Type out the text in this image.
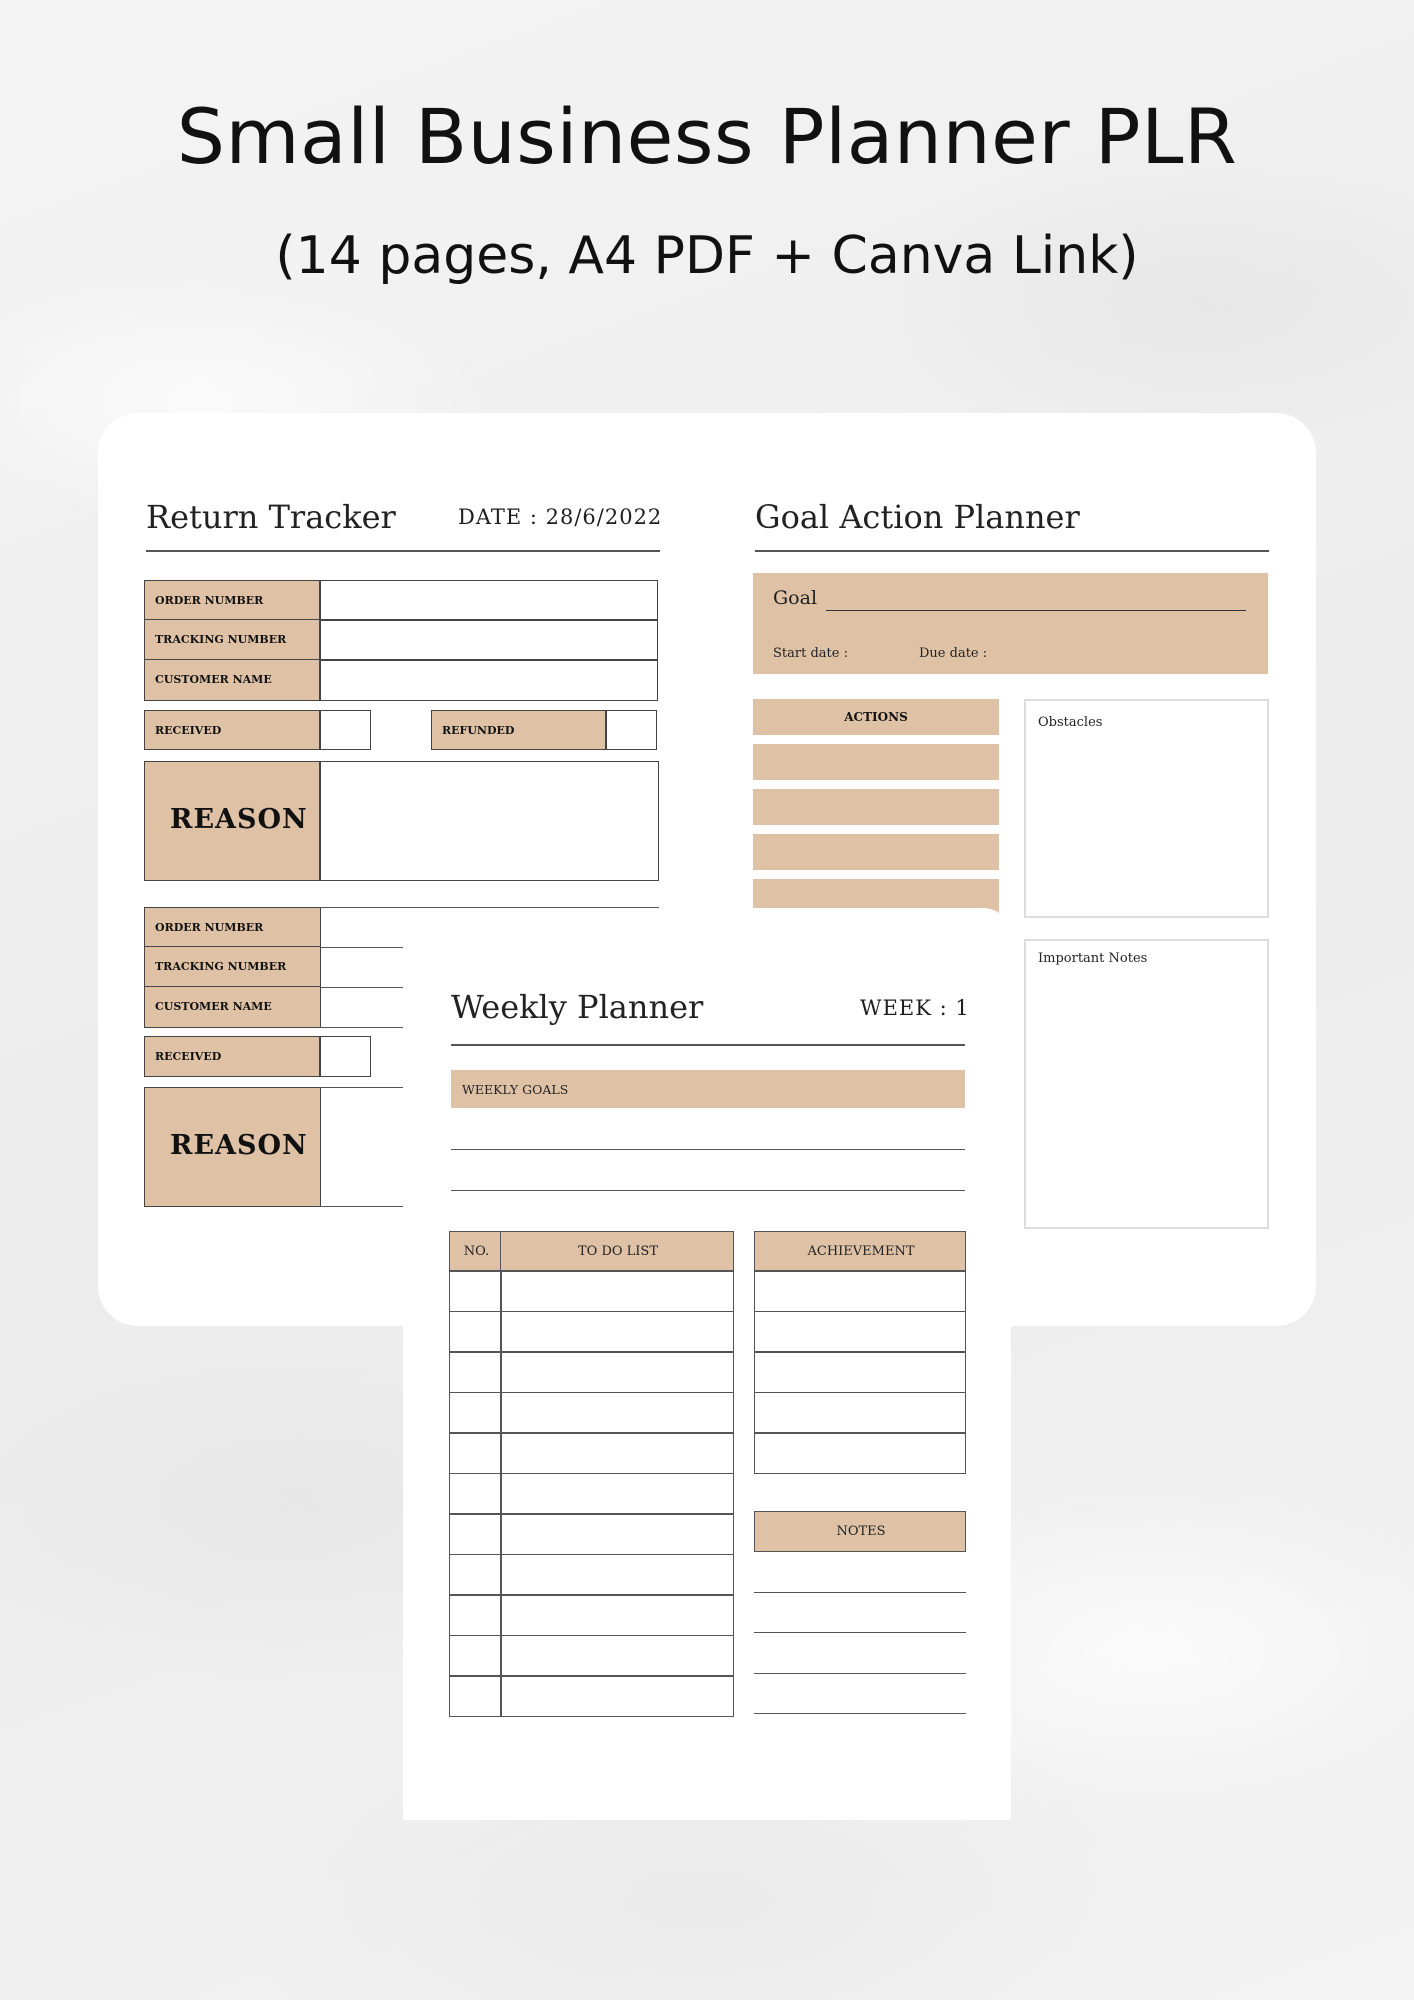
Small Business Planner PLR
(14 pages, A4 PDF + Canva Link)
Return Tracker	DATE : 28/6/2022
ORDER NUMBER
TRACKING NUMBER
CUSTOMER NAME
RECEIVED	REFUNDED
REASON
ORDER NUMBER
TRACKING NUMBER
CUSTOMER NAME
RECEIVED
REASON
Goal Action Planner
Goal
Start date :	Due date :
ACTIONS	Obstacles
Important Notes
Weekly Planner	WEEK : 1
WEEKLY GOALS
NO.	TO DO LIST	ACHIEVEMENT
NOTES
